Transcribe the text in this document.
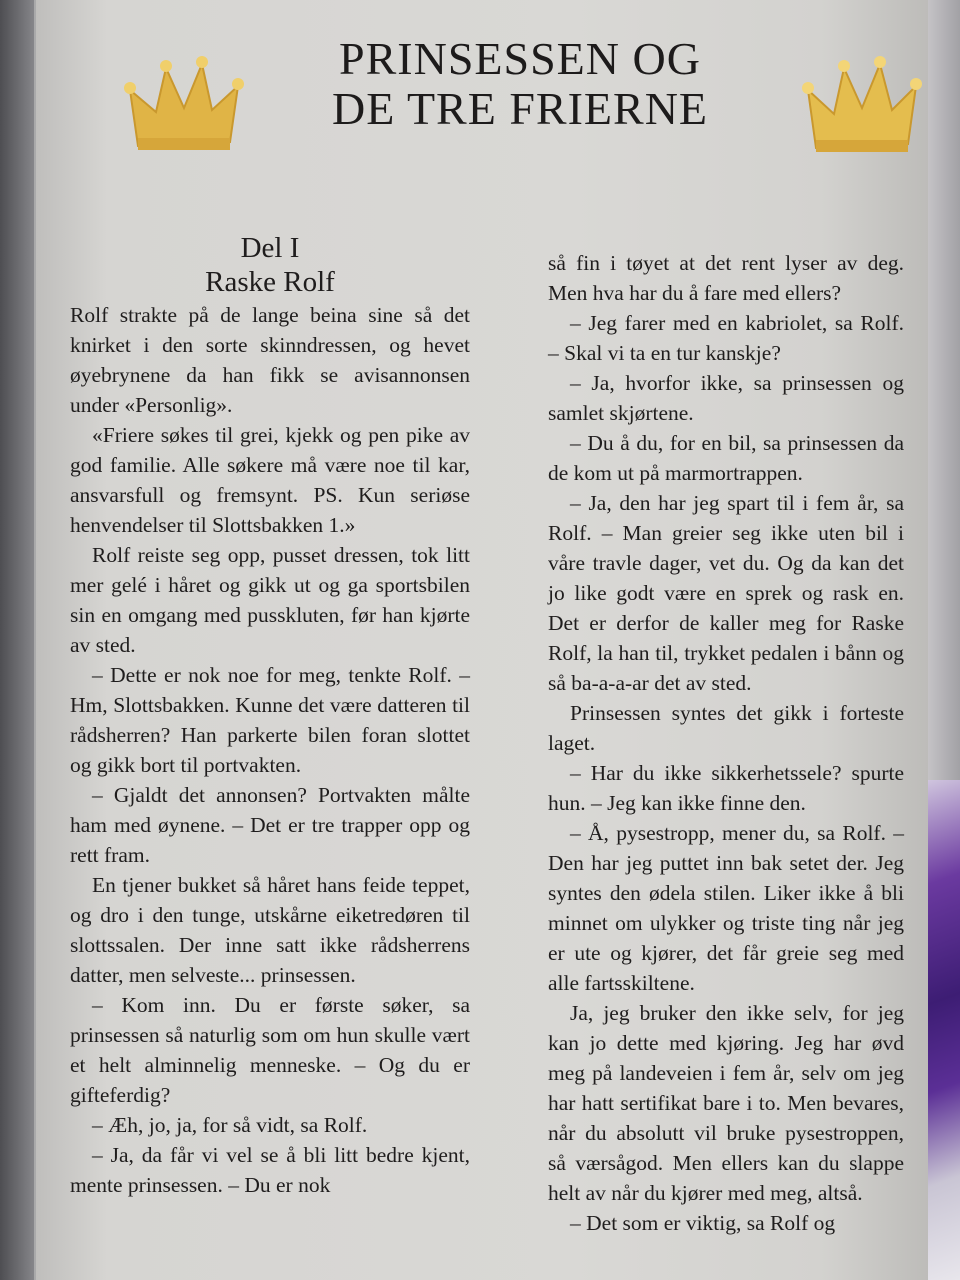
PRINSESSEN OG
DE TRE FRIERNE
Del I
Raske Rolf

Rolf strakte på de lange beina sine så det knirket i den sorte skinndressen, og hevet øyebrynene da han fikk se avisannonsen under «Personlig».

«Friere søkes til grei, kjekk og pen pike av god familie. Alle søkere må være noe til kar, ansvarsfull og fremsynt. PS. Kun seriøse henvendelser til Slottsbakken 1.»

Rolf reiste seg opp, pusset dressen, tok litt mer gelé i håret og gikk ut og ga sportsbilen sin en omgang med pusskluten, før han kjørte av sted.

– Dette er nok noe for meg, tenkte Rolf. – Hm, Slottsbakken. Kunne det være datteren til rådsherren? Han parkerte bilen foran slottet og gikk bort til portvakten.

– Gjaldt det annonsen? Portvakten målte ham med øynene. – Det er tre trapper opp og rett fram.

En tjener bukket så håret hans feide teppet, og dro i den tunge, utskårne eiketredøren til slottssalen. Der inne satt ikke rådsherrens datter, men selveste... prinsessen.

– Kom inn. Du er første søker, sa prinsessen så naturlig som om hun skulle vært et helt alminnelig menneske. – Og du er gifteferdig?

– Æh, jo, ja, for så vidt, sa Rolf.

– Ja, da får vi vel se å bli litt bedre kjent, mente prinsessen. – Du er nok

så fin i tøyet at det rent lyser av deg. Men hva har du å fare med ellers?

– Jeg farer med en kabriolet, sa Rolf. – Skal vi ta en tur kanskje?

– Ja, hvorfor ikke, sa prinsessen og samlet skjørtene.

– Du å du, for en bil, sa prinsessen da de kom ut på marmortrappen.

– Ja, den har jeg spart til i fem år, sa Rolf. – Man greier seg ikke uten bil i våre travle dager, vet du. Og da kan det jo like godt være en sprek og rask en. Det er derfor de kaller meg for Raske Rolf, la han til, trykket pedalen i bånn og så ba-a-a-ar det av sted.

Prinsessen syntes det gikk i forteste laget.

– Har du ikke sikkerhetssele? spurte hun. – Jeg kan ikke finne den.

– Å, pysestropp, mener du, sa Rolf. – Den har jeg puttet inn bak setet der. Jeg syntes den ødela stilen. Liker ikke å bli minnet om ulykker og triste ting når jeg er ute og kjører, det får greie seg med alle fartsskiltene.

Ja, jeg bruker den ikke selv, for jeg kan jo dette med kjøring. Jeg har øvd meg på landeveien i fem år, selv om jeg har hatt sertifikat bare i to. Men bevares, når du absolutt vil bruke pysestroppen, så værsågod. Men ellers kan du slappe helt av når du kjører med meg, altså.

– Det som er viktig, sa Rolf og
